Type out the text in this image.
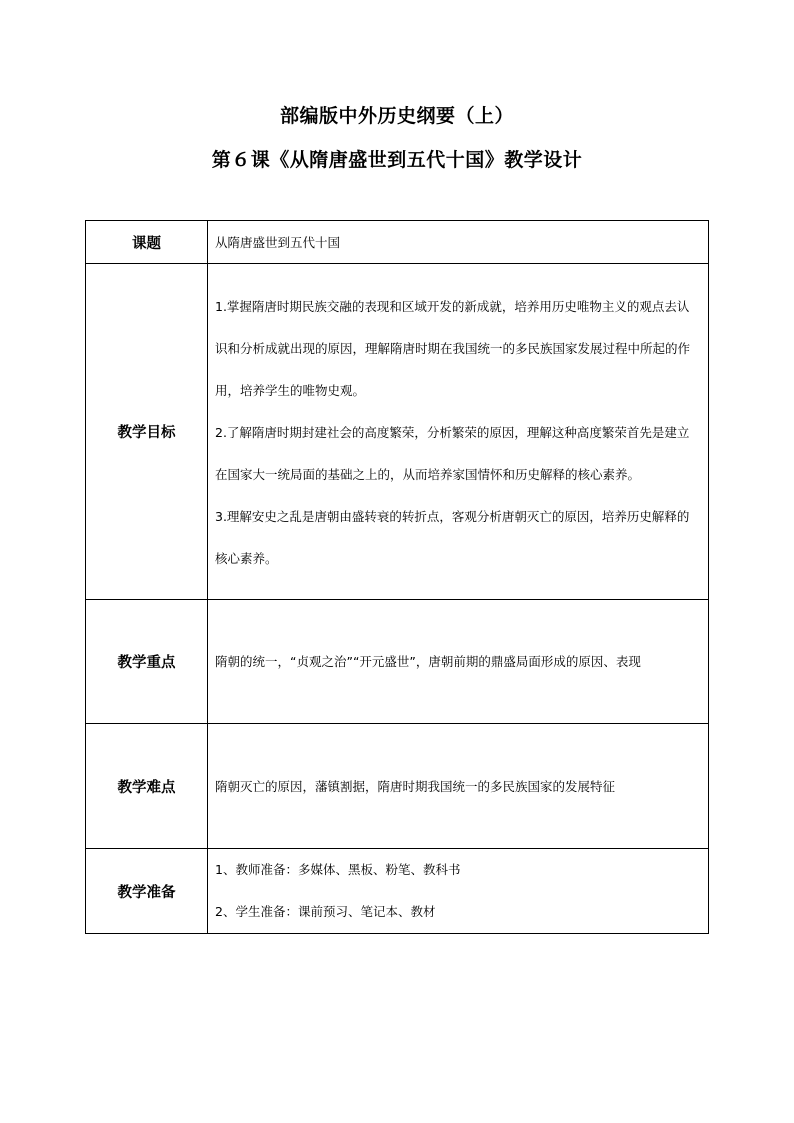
部编版中外历史纲要（上）
第６课《从隋唐盛世到五代十国》教学设计
课题	从隋唐盛世到五代十国
教学目标	1.掌握隋唐时期民族交融的表现和区域开发的新成就，培养用历史唯物主义的观点去认识和分析成就出现的原因，理解隋唐时期在我国统一的多民族国家发展过程中所起的作用，培养学生的唯物史观。

2.了解隋唐时期封建社会的高度繁荣，分析繁荣的原因，理解这种高度繁荣首先是建立在国家大一统局面的基础之上的，从而培养家国情怀和历史解释的核心素养。

3.理解安史之乱是唐朝由盛转衰的转折点，客观分析唐朝灭亡的原因，培养历史解释的核心素养。

教学重点	隋朝的统一，“贞观之治”“开元盛世”，唐朝前期的鼎盛局面形成的原因、表现

教学难点	隋朝灭亡的原因，藩镇割据，隋唐时期我国统一的多民族国家的发展特征
教学准备	1、教师准备：多媒体、黑板、粉笔、教科书

2、学生准备：课前预习、笔记本、教材
